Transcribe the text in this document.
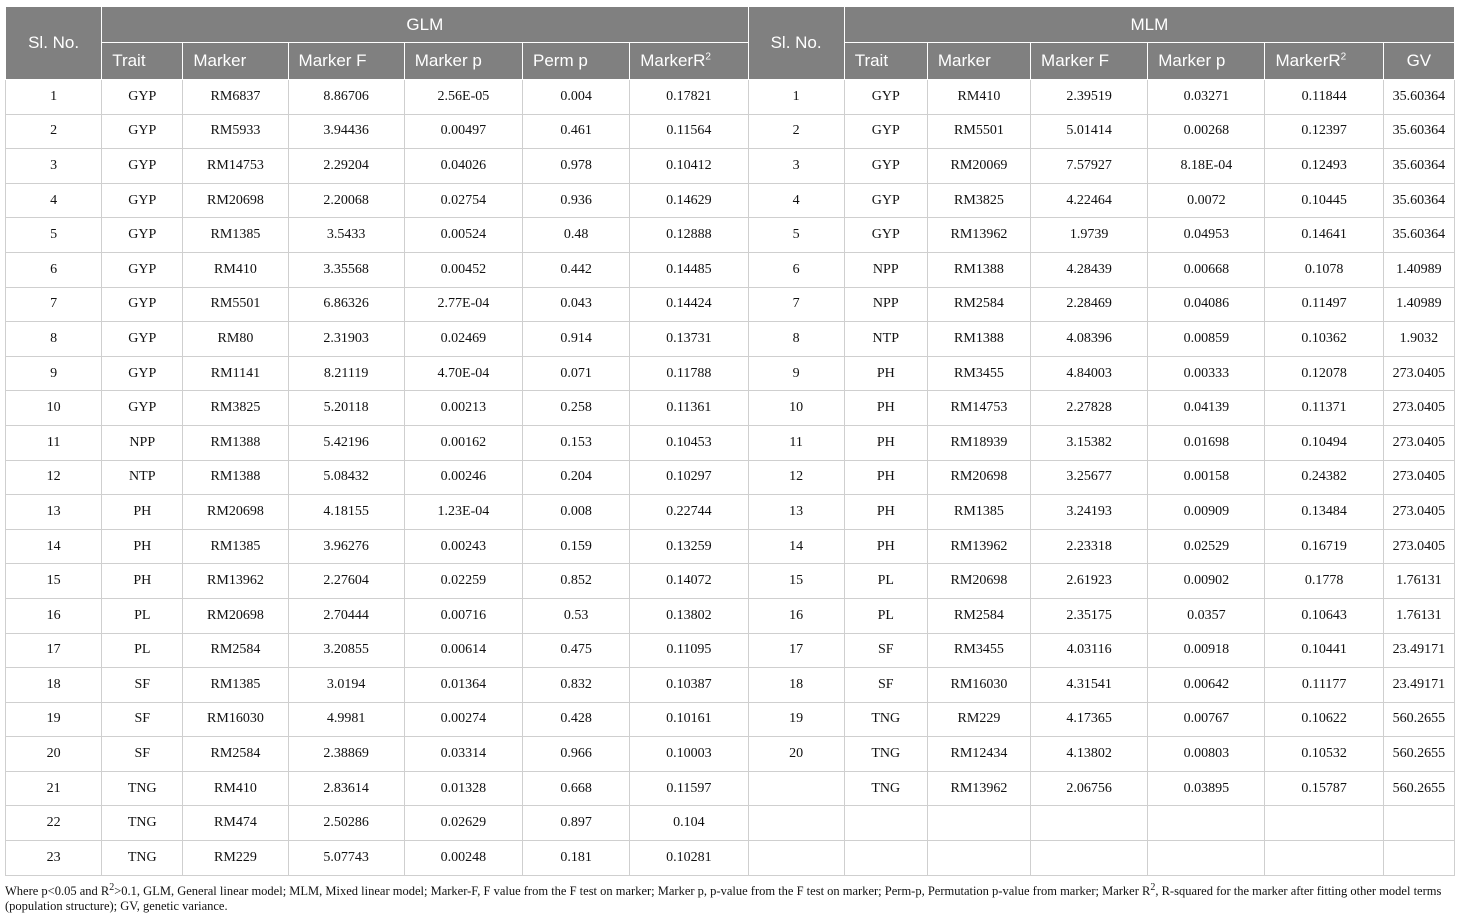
Sl. No.	GLM						Sl. No.	MLM					
	Trait	Marker	Marker F	Marker p	Perm p	MarkerR$^2$		Trait	Marker	Marker F	Marker p	MarkerR$^2$	GV
1	GYP	RM6837	8.86706	2.56E-05	0.004	0.17821	1	GYP	RM410	2.39519	0.03271	0.11844	35.60364
2	GYP	RM5933	3.94436	0.00497	0.461	0.11564	2	GYP	RM5501	5.01414	0.00268	0.12397	35.60364
3	GYP	RM14753	2.29204	0.04026	0.978	0.10412	3	GYP	RM20069	7.57927	8.18E-04	0.12493	35.60364
4	GYP	RM20698	2.20068	0.02754	0.936	0.14629	4	GYP	RM3825	4.22464	0.0072	0.10445	35.60364
5	GYP	RM1385	3.5433	0.00524	0.48	0.12888	5	GYP	RM13962	1.9739	0.04953	0.14641	35.60364
6	GYP	RM410	3.35568	0.00452	0.442	0.14485	6	NPP	RM1388	4.28439	0.00668	0.1078	1.40989
7	GYP	RM5501	6.86326	2.77E-04	0.043	0.14424	7	NPP	RM2584	2.28469	0.04086	0.11497	1.40989
8	GYP	RM80	2.31903	0.02469	0.914	0.13731	8	NTP	RM1388	4.08396	0.00859	0.10362	1.9032
9	GYP	RM1141	8.21119	4.70E-04	0.071	0.11788	9	PH	RM3455	4.84003	0.00333	0.12078	273.0405
10	GYP	RM3825	5.20118	0.00213	0.258	0.11361	10	PH	RM14753	2.27828	0.04139	0.11371	273.0405
11	NPP	RM1388	5.42196	0.00162	0.153	0.10453	11	PH	RM18939	3.15382	0.01698	0.10494	273.0405
12	NTP	RM1388	5.08432	0.00246	0.204	0.10297	12	PH	RM20698	3.25677	0.00158	0.24382	273.0405
13	PH	RM20698	4.18155	1.23E-04	0.008	0.22744	13	PH	RM1385	3.24193	0.00909	0.13484	273.0405
14	PH	RM1385	3.96276	0.00243	0.159	0.13259	14	PH	RM13962	2.23318	0.02529	0.16719	273.0405
15	PH	RM13962	2.27604	0.02259	0.852	0.14072	15	PL	RM20698	2.61923	0.00902	0.1778	1.76131
16	PL	RM20698	2.70444	0.00716	0.53	0.13802	16	PL	RM2584	2.35175	0.0357	0.10643	1.76131
17	PL	RM2584	3.20855	0.00614	0.475	0.11095	17	SF	RM3455	4.03116	0.00918	0.10441	23.49171
18	SF	RM1385	3.0194	0.01364	0.832	0.10387	18	SF	RM16030	4.31541	0.00642	0.11177	23.49171
19	SF	RM16030	4.9981	0.00274	0.428	0.10161	19	TNG	RM229	4.17365	0.00767	0.10622	560.2655
20	SF	RM2584	2.38869	0.03314	0.966	0.10003	20	TNG	RM12434	4.13802	0.00803	0.10532	560.2655
21	TNG	RM410	2.83614	0.01328	0.668	0.11597		TNG	RM13962	2.06756	0.03895	0.15787	560.2655
22	TNG	RM474	2.50286	0.02629	0.897	0.104							
23	TNG	RM229	5.07743	0.00248	0.181	0.10281							
Where p<0.05 and $R^2>0.1$, GLM, General linear model; MLM, Mixed linear model; Marker-F, F value from the F test on marker; Marker p, p-value from the F test on marker; Perm-p, Permutation p-value from marker; Marker $R^2$, R-squared for the marker after fitting other model terms (population structure); GV, genetic variance.
